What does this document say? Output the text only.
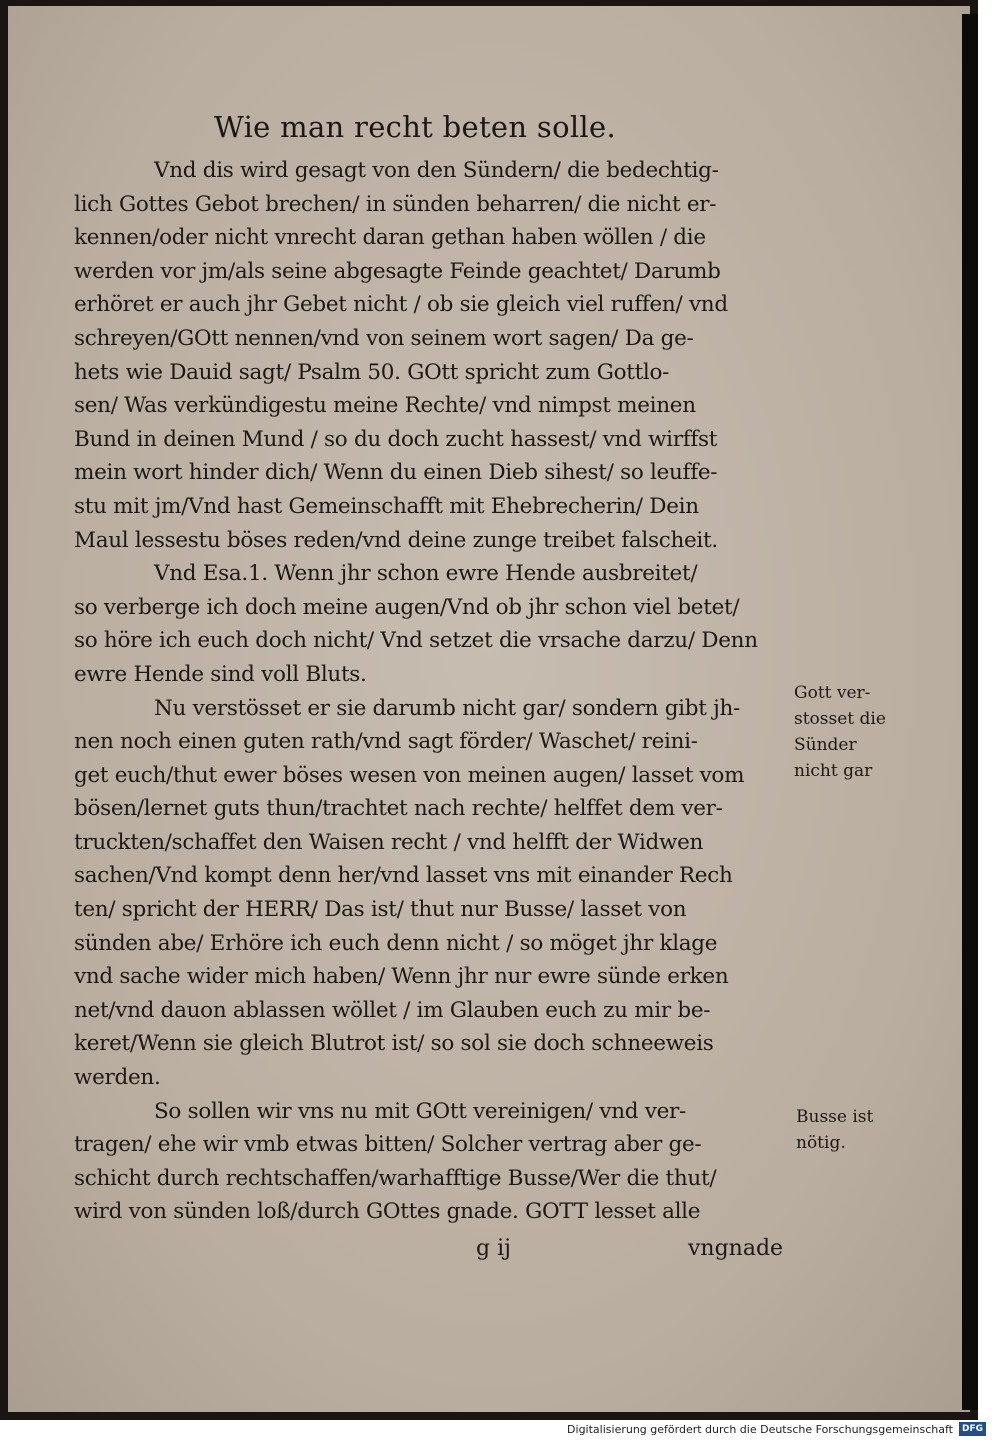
Wie man recht beten solle.
Vnd dis wird gesagt von den Sündern/ die bedechtig-
lich Gottes Gebot brechen/ in sünden beharren/ die nicht er-
kennen/oder nicht vnrecht daran gethan haben wöllen / die
werden vor jm/als seine abgesagte Feinde geachtet/ Darumb
erhöret er auch jhr Gebet nicht / ob sie gleich viel ruffen/ vnd
schreyen/GOtt nennen/vnd von seinem wort sagen/ Da ge-
hets wie Dauid sagt/ Psalm 50. GOtt spricht zum Gottlo-
sen/ Was verkündigestu meine Rechte/ vnd nimpst meinen
Bund in deinen Mund / so du doch zucht hassest/ vnd wirffst
mein wort hinder dich/ Wenn du einen Dieb sihest/ so leuffe-
stu mit jm/Vnd hast Gemeinschafft mit Ehebrecherin/ Dein
Maul lessestu böses reden/vnd deine zunge treibet falscheit.
Vnd Esa.1. Wenn jhr schon ewre Hende ausbreitet/
so verberge ich doch meine augen/Vnd ob jhr schon viel betet/
so höre ich euch doch nicht/ Vnd setzet die vrsache darzu/ Denn
ewre Hende sind voll Bluts.
Nu verstösset er sie darumb nicht gar/ sondern gibt jh-
nen noch einen guten rath/vnd sagt förder/ Waschet/ reini-
get euch/thut ewer böses wesen von meinen augen/ lasset vom
bösen/lernet guts thun/trachtet nach rechte/ helffet dem ver-
truckten/schaffet den Waisen recht / vnd helfft der Widwen
sachen/Vnd kompt denn her/vnd lasset vns mit einander Rech
ten/ spricht der HERR/ Das ist/ thut nur Busse/ lasset von
sünden abe/ Erhöre ich euch denn nicht / so möget jhr klage
vnd sache wider mich haben/ Wenn jhr nur ewre sünde erken
net/vnd dauon ablassen wöllet / im Glauben euch zu mir be-
keret/Wenn sie gleich Blutrot ist/ so sol sie doch schneeweis
werden.
So sollen wir vns nu mit GOtt vereinigen/ vnd ver-
tragen/ ehe wir vmb etwas bitten/ Solcher vertrag aber ge-
schicht durch rechtschaffen/warhafftige Busse/Wer die thut/
wird von sünden loß/durch GOttes gnade. GOTT lesset alle
Gott ver-
stosset die
Sünder
nicht gar
Busse ist
nötig.
g ij	vngnade
Digitalisierung gefördert durch die Deutsche Forschungsgemeinschaft	DFG
